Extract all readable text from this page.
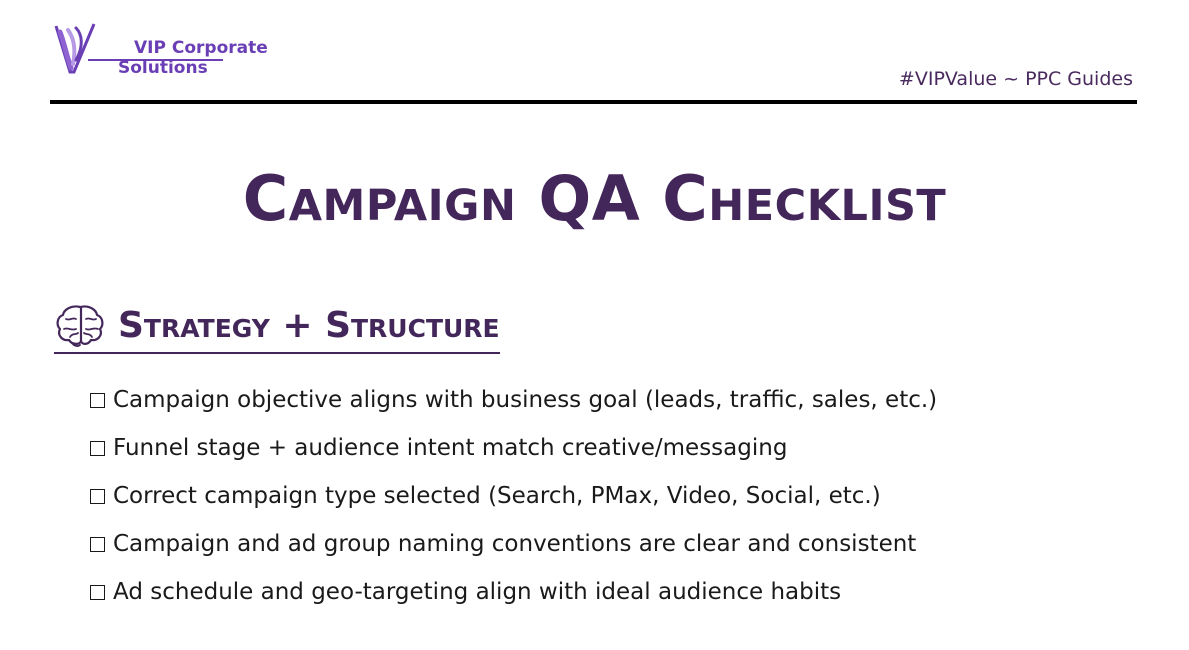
VIP Corporate
Solutions	#VIPValue ~ PPC Guides
Campaign QA Checklist
Strategy + Structure
Campaign objective aligns with business goal (leads, traffic, sales, etc.)
Funnel stage + audience intent match creative/messaging
Correct campaign type selected (Search, PMax, Video, Social, etc.)
Campaign and ad group naming conventions are clear and consistent
Ad schedule and geo-targeting align with ideal audience habits
